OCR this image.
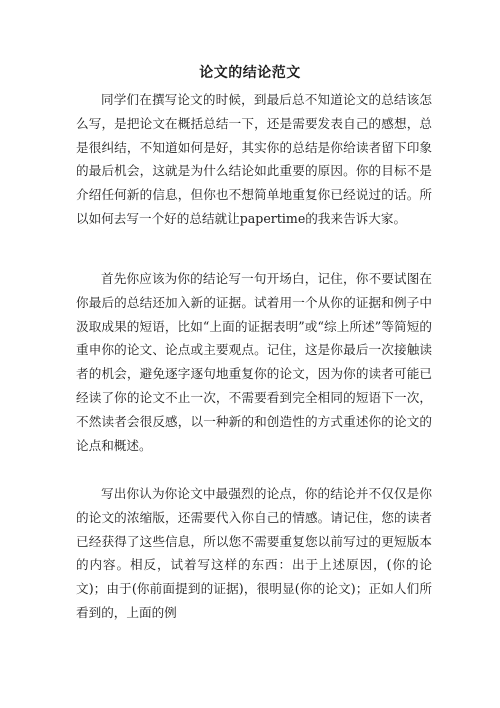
论文的结论范文

同学们在撰写论文的时候，到最后总不知道论文的总结该怎么写，是把论文在概括总结一下，还是需要发表自己的感想，总是很纠结，不知道如何是好，其实你的总结是你给读者留下印象的最后机会，这就是为什么结论如此重要的原因。你的目标不是介绍任何新的信息，但你也不想简单地重复你已经说过的话。所以如何去写一个好的总结就让papertime的我来告诉大家。

首先你应该为你的结论写一句开场白，记住，你不要试图在你最后的总结还加入新的证据。试着用一个从你的证据和例子中汲取成果的短语，比如“上面的证据表明”或“综上所述”等简短的重申你的论文、论点或主要观点。记住，这是你最后一次接触读者的机会，避免逐字逐句地重复你的论文，因为你的读者可能已经读了你的论文不止一次，不需要看到完全相同的短语下一次，不然读者会很反感，以一种新的和创造性的方式重述你的论文的论点和概述。

写出你认为你论文中最强烈的论点，你的结论并不仅仅是你的论文的浓缩版，还需要代入你自己的情感。请记住，您的读者已经获得了这些信息，所以您不需要重复您以前写过的更短版本的内容。相反，试着写这样的东西：出于上述原因，(你的论文)；由于(你前面提到的证据)，很明显(你的论文)；正如人们所看到的，上面的例
